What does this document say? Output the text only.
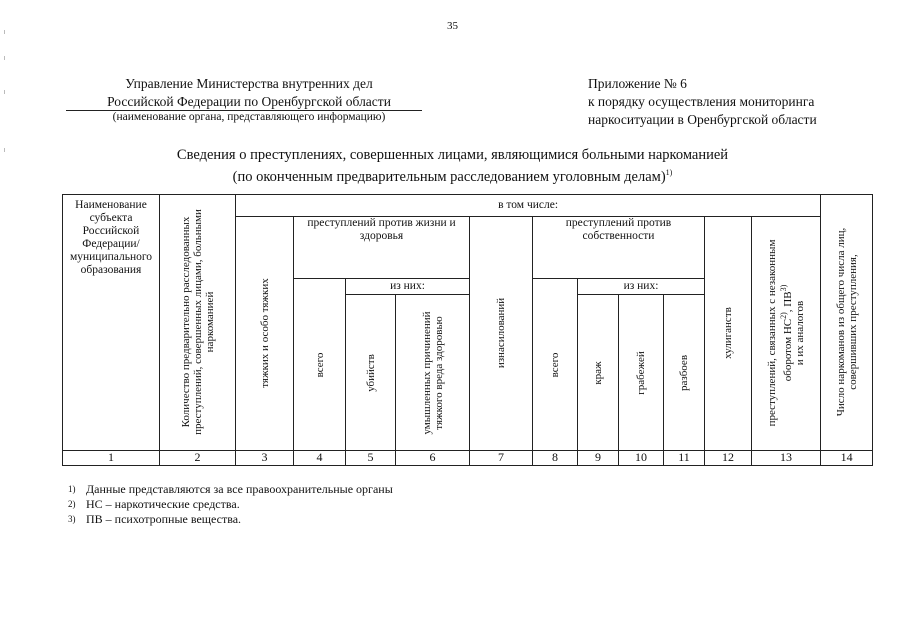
35
Управление Министерства внутренних дел
Российской Федерации по Оренбургской области
(наименование органа, представляющего информацию)
Приложение № 6
к порядку осуществления мониторинга
наркоситуации в Оренбургской области
Сведения о преступлениях, совершенных лицами, являющимися больными наркоманией
(по оконченным предварительным расследованием уголовным делам)$^{1)}$
Наименование субъекта Российской Федерации/ муниципального образования	Количество предварительно расследованных преступлений, совершенных лицами, больными наркоманией	в том числе:											Число наркоманов из общего числа лиц, совершивших преступления,

		тяжких и особо тяжких	преступлений против жизни и здоровья			изнасилований	преступлений против собственности				хулиганств	преступлений, связанных с незаконным оборотом НС$^{2)}$, ПВ$^{3)}$
и их аналогов	

			всего	из них:			всего	из них:					

				убийств	умышленных причинений тяжкого вреда здоровью			краж	грабежей	разбоев			

1	2	3	4	5	6	7	8	9	10	11	12	13	14
1) Данные представляются за все правоохранительные органы
2) НС – наркотические средства.
3) ПВ – психотропные вещества.
